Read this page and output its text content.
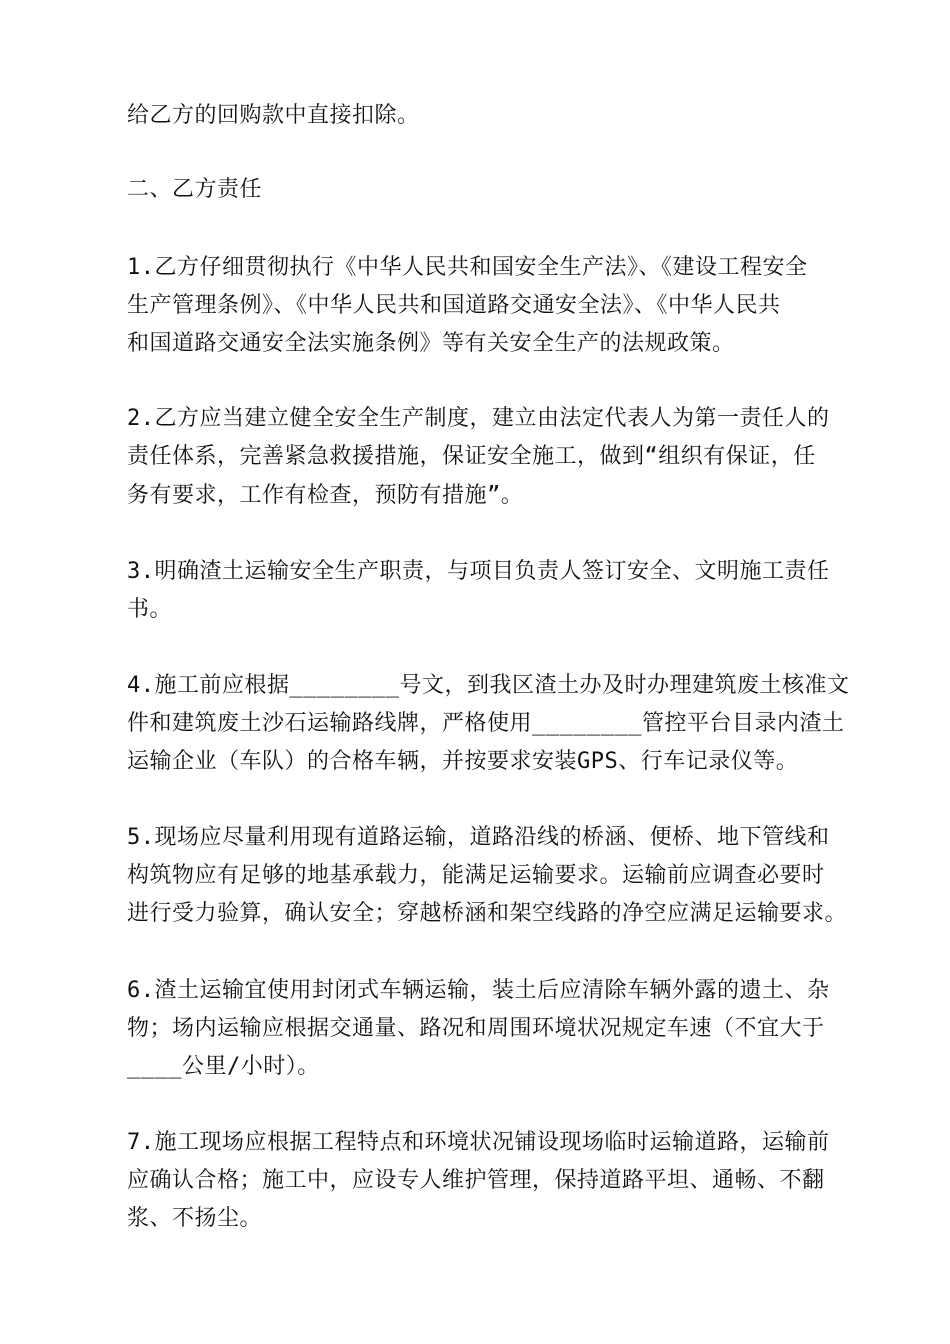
给乙方的回购款中直接扣除。
二、乙方责任
1.乙方仔细贯彻执行《中华人民共和国安全生产法》、《建设工程安全
生产管理条例》、《中华人民共和国道路交通安全法》、《中华人民共
和国道路交通安全法实施条例》等有关安全生产的法规政策。
2.乙方应当建立健全安全生产制度，建立由法定代表人为第一责任人的
责任体系，完善紧急救援措施，保证安全施工，做到“组织有保证，任
务有要求，工作有检查，预防有措施”。
3.明确渣土运输安全生产职责，与项目负责人签订安全、文明施工责任
书。
4.施工前应根据________号文，到我区渣土办及时办理建筑废土核准文
件和建筑废土沙石运输路线牌，严格使用________管控平台目录内渣土
运输企业（车队）的合格车辆，并按要求安装GPS、行车记录仪等。
5.现场应尽量利用现有道路运输，道路沿线的桥涵、便桥、地下管线和
构筑物应有足够的地基承载力，能满足运输要求。运输前应调查必要时
进行受力验算，确认安全；穿越桥涵和架空线路的净空应满足运输要求。
6.渣土运输宜使用封闭式车辆运输，装土后应清除车辆外露的遗土、杂
物；场内运输应根据交通量、路况和周围环境状况规定车速（不宜大于
____公里/小时）。
7.施工现场应根据工程特点和环境状况铺设现场临时运输道路，运输前
应确认合格；施工中，应设专人维护管理，保持道路平坦、通畅、不翻
浆、不扬尘。
